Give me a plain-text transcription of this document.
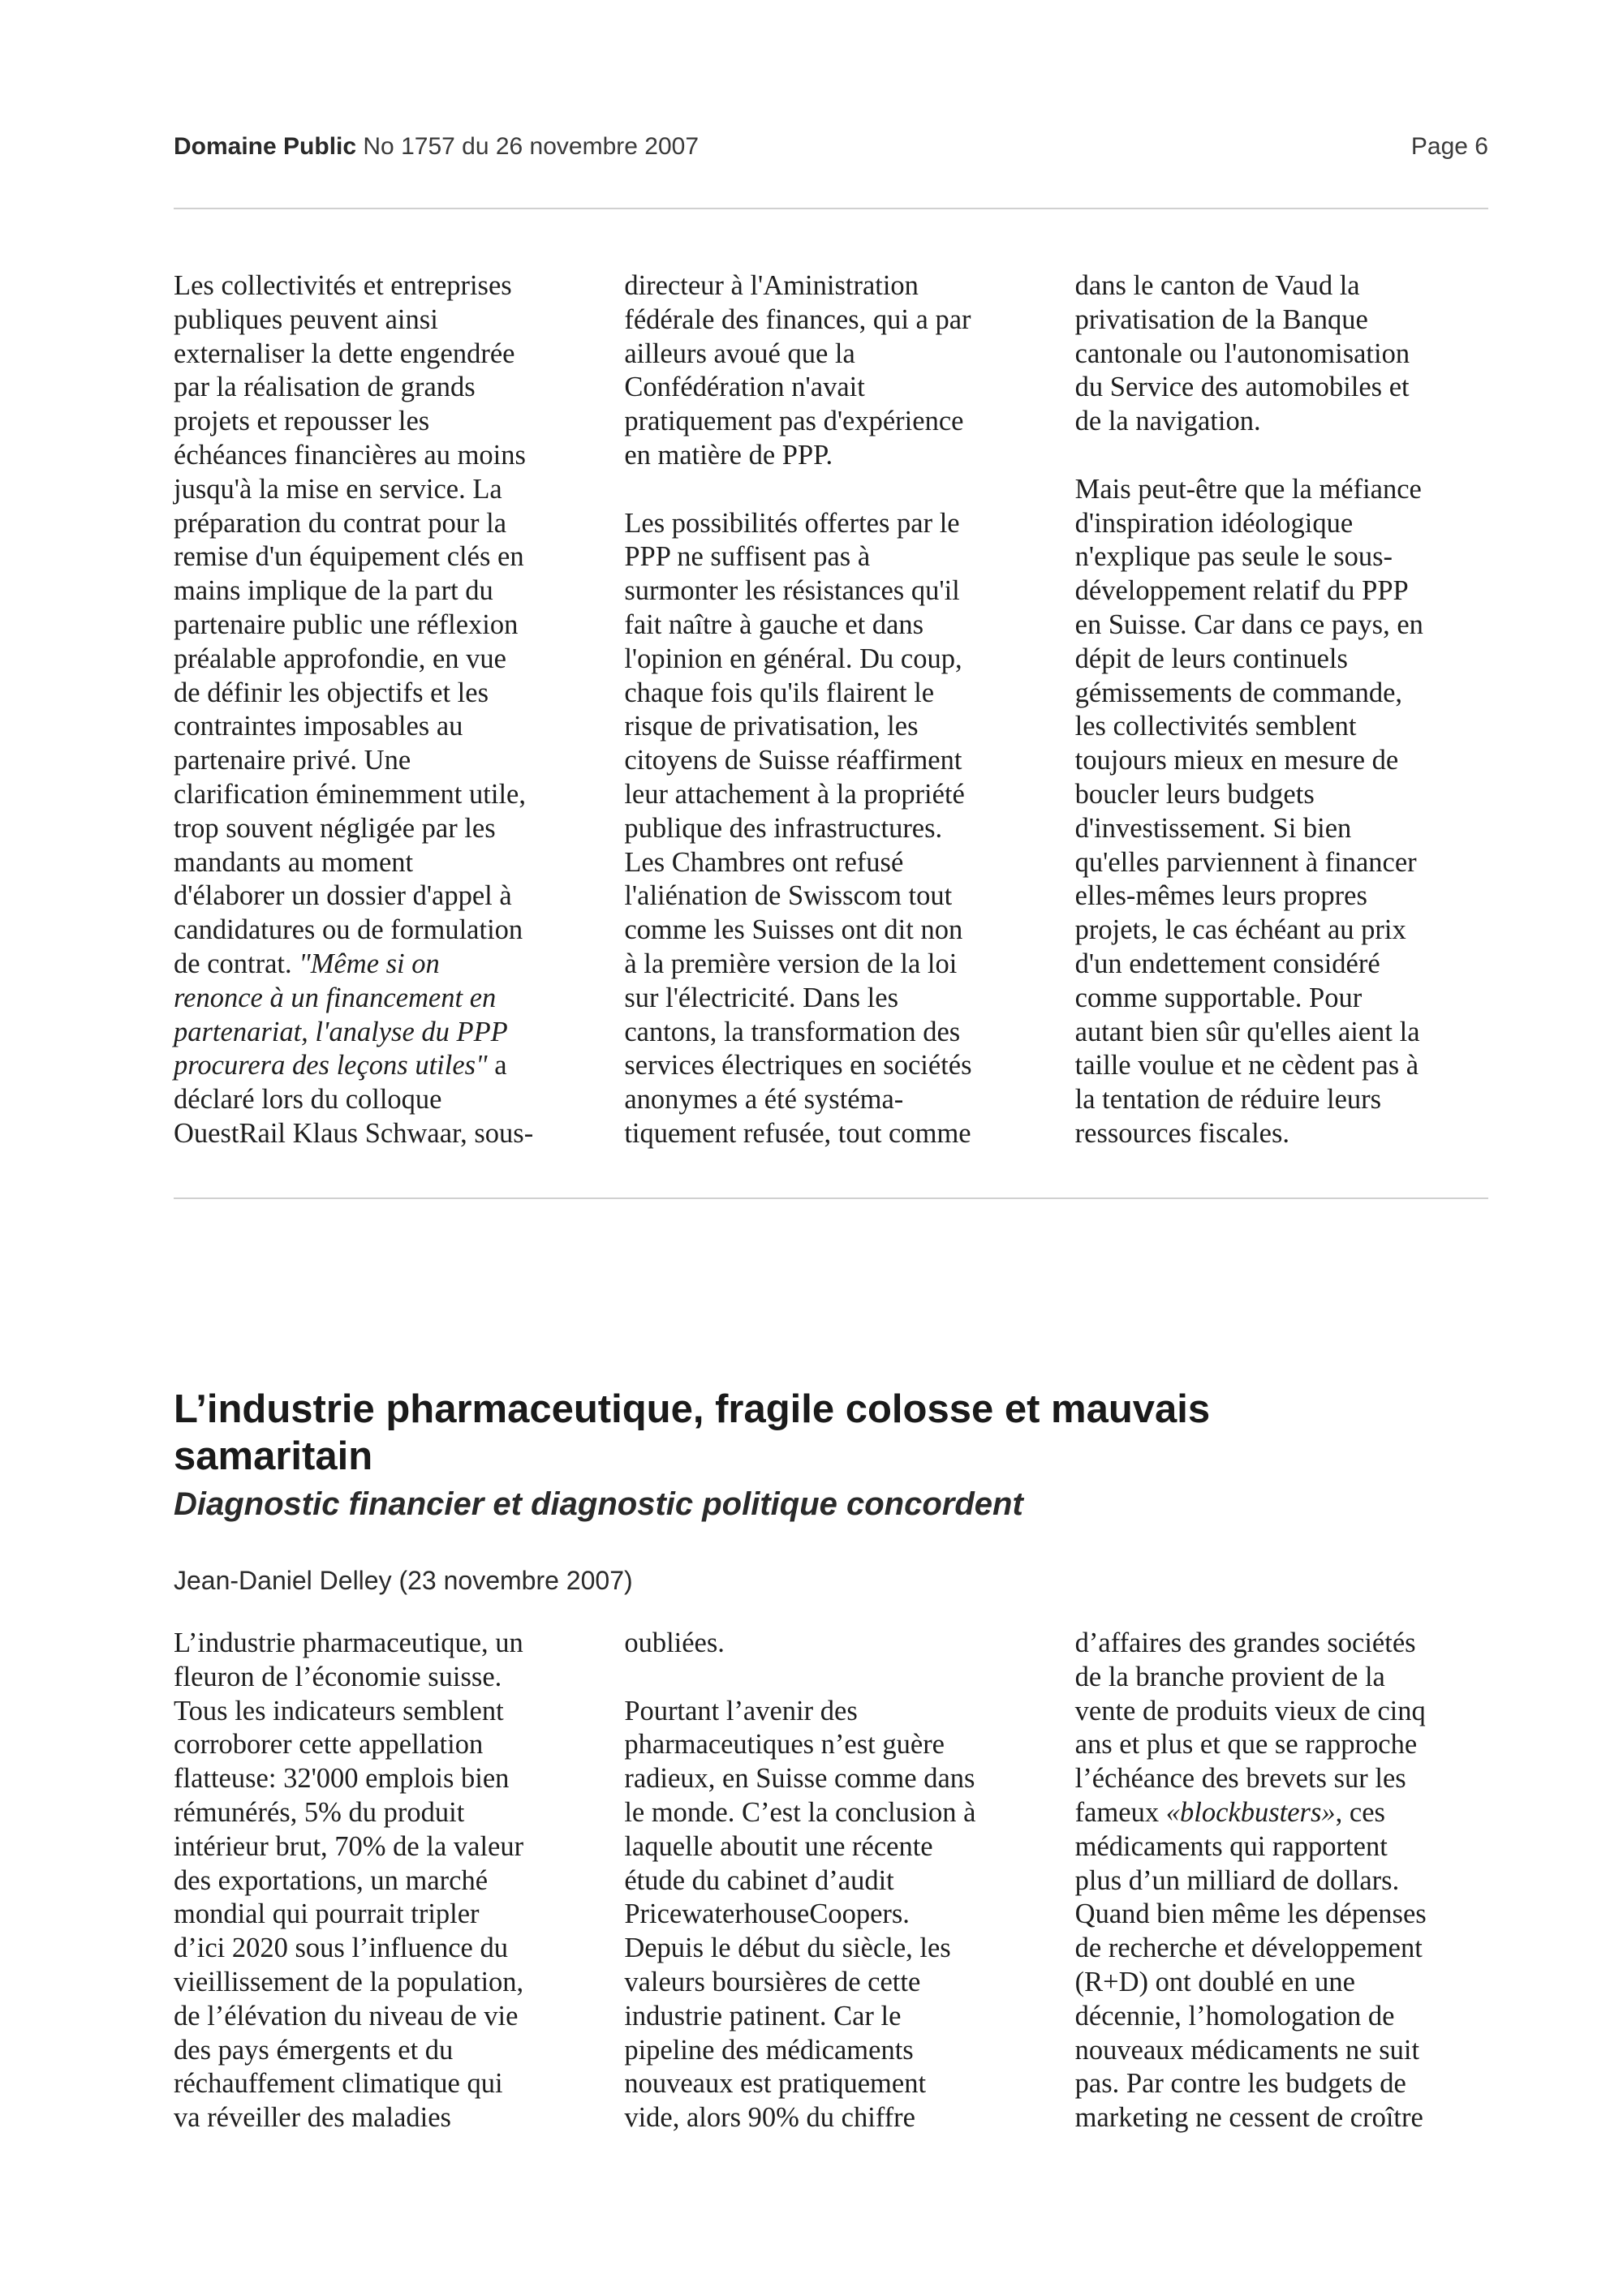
Domaine Public No 1757 du 26 novembre 2007	Page 6

Les collectivités et entreprises
publiques peuvent ainsi
externaliser la dette engendrée
par la réalisation de grands
projets et repousser les
échéances financières au moins
jusqu'à la mise en service. La
préparation du contrat pour la
remise d'un équipement clés en
mains implique de la part du
partenaire public une réflexion
préalable approfondie, en vue
de définir les objectifs et les
contraintes imposables au
partenaire privé. Une
clarification éminemment utile,
trop souvent négligée par les
mandants au moment
d'élaborer un dossier d'appel à
candidatures ou de formulation
de contrat. "Même si on
renonce à un financement en
partenariat, l'analyse du PPP
procurera des leçons utiles" a
déclaré lors du colloque
OuestRail Klaus Schwaar, sous-

directeur à l'Aministration
fédérale des finances, qui a par
ailleurs avoué que la
Confédération n'avait
pratiquement pas d'expérience
en matière de PPP.

Les possibilités offertes par le
PPP ne suffisent pas à
surmonter les résistances qu'il
fait naître à gauche et dans
l'opinion en général. Du coup,
chaque fois qu'ils flairent le
risque de privatisation, les
citoyens de Suisse réaffirment
leur attachement à la propriété
publique des infrastructures.
Les Chambres ont refusé
l'aliénation de Swisscom tout
comme les Suisses ont dit non
à la première version de la loi
sur l'électricité. Dans les
cantons, la transformation des
services électriques en sociétés
anonymes a été systéma-
tiquement refusée, tout comme

dans le canton de Vaud la
privatisation de la Banque
cantonale ou l'autonomisation
du Service des automobiles et
de la navigation.

Mais peut-être que la méfiance
d'inspiration idéologique
n'explique pas seule le sous-
développement relatif du PPP
en Suisse. Car dans ce pays, en
dépit de leurs continuels
gémissements de commande,
les collectivités semblent
toujours mieux en mesure de
boucler leurs budgets
d'investissement. Si bien
qu'elles parviennent à financer
elles-mêmes leurs propres
projets, le cas échéant au prix
d'un endettement considéré
comme supportable. Pour
autant bien sûr qu'elles aient la
taille voulue et ne cèdent pas à
la tentation de réduire leurs
ressources fiscales.

L’industrie pharmaceutique, fragile colosse et mauvais
samaritain
Diagnostic financier et diagnostic politique concordent
Jean-Daniel Delley (23 novembre 2007)

L’industrie pharmaceutique, un
fleuron de l’économie suisse.
Tous les indicateurs semblent
corroborer cette appellation
flatteuse: 32'000 emplois bien
rémunérés, 5% du produit
intérieur brut, 70% de la valeur
des exportations, un marché
mondial qui pourrait tripler
d’ici 2020 sous l’influence du
vieillissement de la population,
de l’élévation du niveau de vie
des pays émergents et du
réchauffement climatique qui
va réveiller des maladies

oubliées.

Pourtant l’avenir des
pharmaceutiques n’est guère
radieux, en Suisse comme dans
le monde. C’est la conclusion à
laquelle aboutit une récente
étude du cabinet d’audit
PricewaterhouseCoopers.
Depuis le début du siècle, les
valeurs boursières de cette
industrie patinent. Car le
pipeline des médicaments
nouveaux est pratiquement
vide, alors 90% du chiffre

d’affaires des grandes sociétés
de la branche provient de la
vente de produits vieux de cinq
ans et plus et que se rapproche
l’échéance des brevets sur les
fameux «blockbusters», ces
médicaments qui rapportent
plus d’un milliard de dollars.
Quand bien même les dépenses
de recherche et développement
(R+D) ont doublé en une
décennie, l’homologation de
nouveaux médicaments ne suit
pas. Par contre les budgets de
marketing ne cessent de croître
